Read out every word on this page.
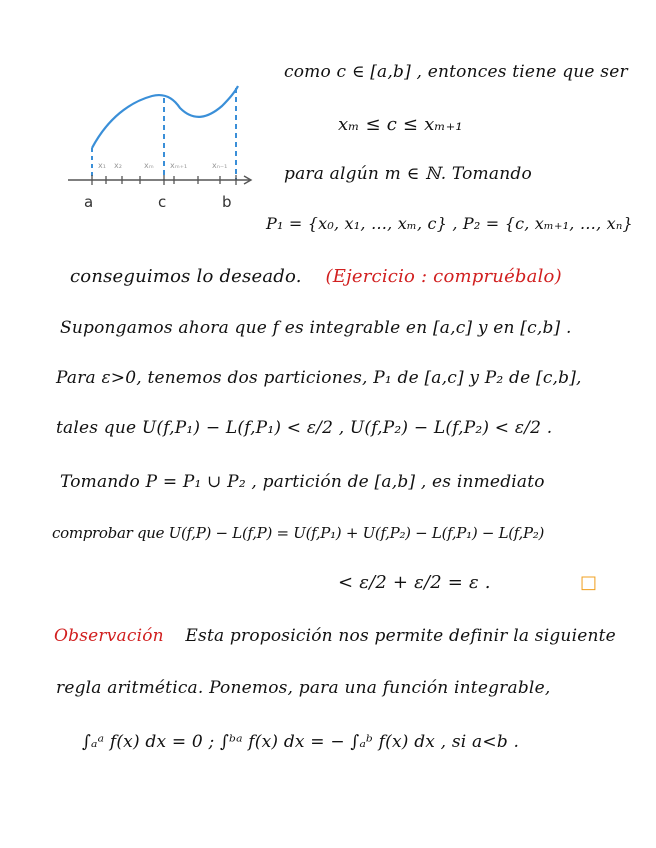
x₁ x₂	xₘ xₘ₊₁	xₙ₋₁
a	c	b
como c ∈ [a,b] , entonces tiene que ser
xₘ ≤ c ≤ xₘ₊₁
para algún m ∈ ℕ. Tomando
P₁ = {x₀, x₁, …, xₘ, c} , P₂ = {c, xₘ₊₁, …, xₙ}
conseguimos lo deseado. (Ejercicio : compruébalo)
Supongamos ahora que f es integrable en [a,c] y en [c,b] .
Para ε>0, tenemos dos particiones, P₁ de [a,c] y P₂ de [c,b],
tales que U(f,P₁) − L(f,P₁) < ε/2 , U(f,P₂) − L(f,P₂) < ε/2 .
Tomando P = P₁ ∪ P₂ , partición de [a,b] , es inmediato
comprobar que U(f,P) − L(f,P) = U(f,P₁) + U(f,P₂) − L(f,P₁) − L(f,P₂)
< ε/2 + ε/2 = ε .	□
Observación Esta proposición nos permite definir la siguiente
regla aritmética. Ponemos, para una función integrable,
∫ₐᵃ f(x) dx = 0 ; ∫ᵇᵃ f(x) dx = − ∫ₐᵇ f(x) dx , si a<b .
